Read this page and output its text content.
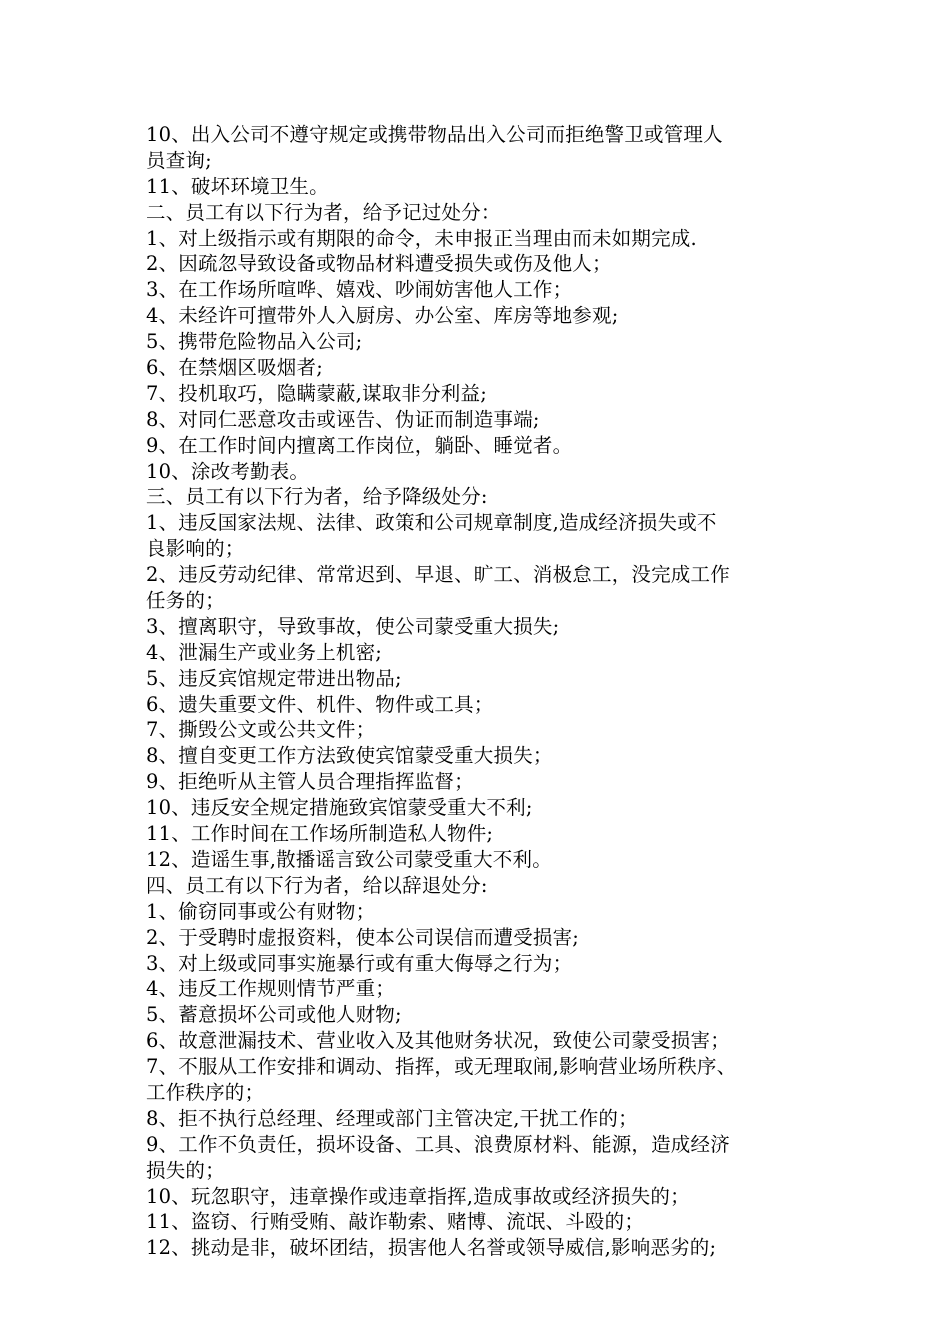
10、出入公司不遵守规定或携带物品出入公司而拒绝警卫或管理人
员查询;
11、破坏环境卫生。
二、员工有以下行为者，给予记过处分：
1、对上级指示或有期限的命令，未申报正当理由而未如期完成.
2、因疏忽导致设备或物品材料遭受损失或伤及他人；
3、在工作场所喧哗、嬉戏、吵闹妨害他人工作；
4、未经许可擅带外人入厨房、办公室、库房等地参观;
5、携带危险物品入公司;
6、在禁烟区吸烟者;
7、投机取巧，隐瞒蒙蔽,谋取非分利益;
8、对同仁恶意攻击或诬告、伪证而制造事端;
9、在工作时间内擅离工作岗位，躺卧、睡觉者。
10、涂改考勤表。
三、员工有以下行为者，给予降级处分:
1、违反国家法规、法律、政策和公司规章制度,造成经济损失或不
良影响的；
2、违反劳动纪律、常常迟到、早退、旷工、消极怠工，没完成工作
任务的；
3、擅离职守，导致事故，使公司蒙受重大损失;
4、泄漏生产或业务上机密;
5、违反宾馆规定带进出物品;
6、遗失重要文件、机件、物件或工具；
7、撕毁公文或公共文件；
8、擅自变更工作方法致使宾馆蒙受重大损失；
9、拒绝听从主管人员合理指挥监督；
10、违反安全规定措施致宾馆蒙受重大不利;
11、工作时间在工作场所制造私人物件;
12、造谣生事,散播谣言致公司蒙受重大不利。
四、员工有以下行为者，给以辞退处分:
1、偷窃同事或公有财物；
2、于受聘时虚报资料，使本公司误信而遭受损害;
3、对上级或同事实施暴行或有重大侮辱之行为；
4、违反工作规则情节严重；
5、蓄意损坏公司或他人财物;
6、故意泄漏技术、营业收入及其他财务状况，致使公司蒙受损害；
7、不服从工作安排和调动、指挥，或无理取闹,影响营业场所秩序、
工作秩序的；
8、拒不执行总经理、经理或部门主管决定,干扰工作的；
9、工作不负责任，损坏设备、工具、浪费原材料、能源，造成经济
损失的；
10、玩忽职守，违章操作或违章指挥,造成事故或经济损失的；
11、盗窃、行贿受贿、敲诈勒索、赌博、流氓、斗殴的；
12、挑动是非，破坏团结，损害他人名誉或领导威信,影响恶劣的;
